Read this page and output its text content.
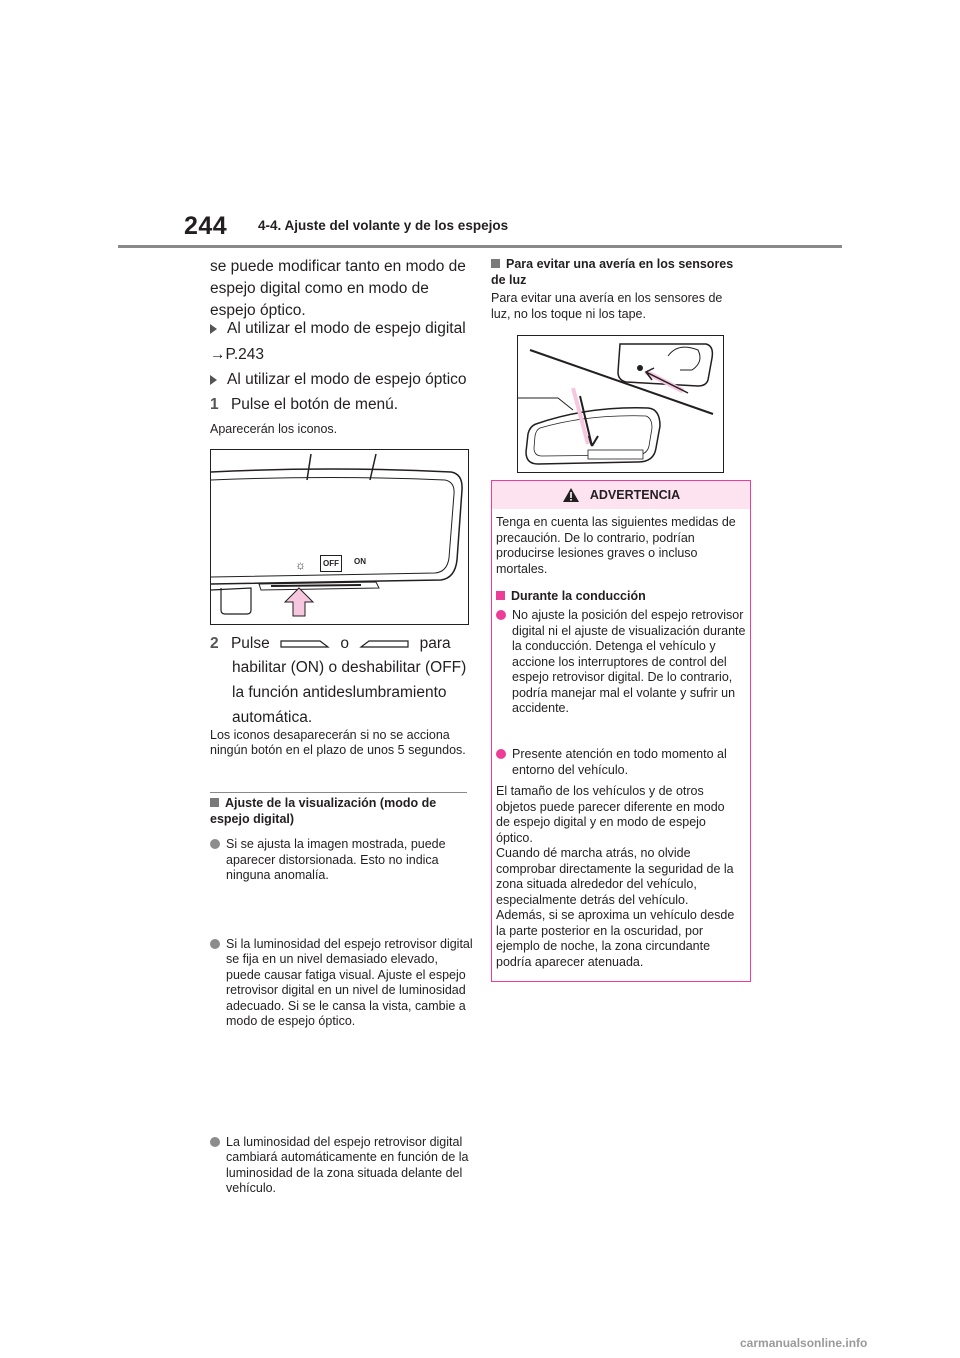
244 4-4. Ajuste del volante y de los espejos
se puede modificar tanto en modo de espejo digital como en modo de espejo óptico.
Al utilizar el modo de espejo digital
→P.243
Al utilizar el modo de espejo óptico
1 Pulse el botón de menú.
Aparecerán los iconos.
☼	OFF	ON
2 Pulse	o	para
habilitar (ON) o deshabilitar (OFF) la función antideslumbramiento automática.
Los iconos desaparecerán si no se acciona ningún botón en el plazo de unos 5 segundos.
Ajuste de la visualización (modo de espejo digital)
Si se ajusta la imagen mostrada, puede aparecer distorsionada. Esto no indica ninguna anomalía.
Si la luminosidad del espejo retrovisor digital se fija en un nivel demasiado elevado, puede causar fatiga visual. Ajuste el espejo retrovisor digital en un nivel de luminosidad adecuado. Si se le cansa la vista, cambie a modo de espejo óptico.
La luminosidad del espejo retrovisor digital cambiará automáticamente en función de la luminosidad de la zona situada delante del vehículo.
Para evitar una avería en los sensores de luz
Para evitar una avería en los sensores de luz, no los toque ni los tape.
ADVERTENCIA
Tenga en cuenta las siguientes medidas de precaución. De lo contrario, podrían producirse lesiones graves o incluso mortales.
Durante la conducción
No ajuste la posición del espejo retrovisor digital ni el ajuste de visualización durante la conducción. Detenga el vehículo y accione los interruptores de control del espejo retrovisor digital. De lo contrario, podría manejar mal el volante y sufrir un accidente.
Presente atención en todo momento al entorno del vehículo.
El tamaño de los vehículos y de otros objetos puede parecer diferente en modo de espejo digital y en modo de espejo óptico.
Cuando dé marcha atrás, no olvide comprobar directamente la seguridad de la zona situada alrededor del vehículo, especialmente detrás del vehículo.
Además, si se aproxima un vehículo desde la parte posterior en la oscuridad, por ejemplo de noche, la zona circundante podría aparecer atenuada.
carmanualsonline.info
